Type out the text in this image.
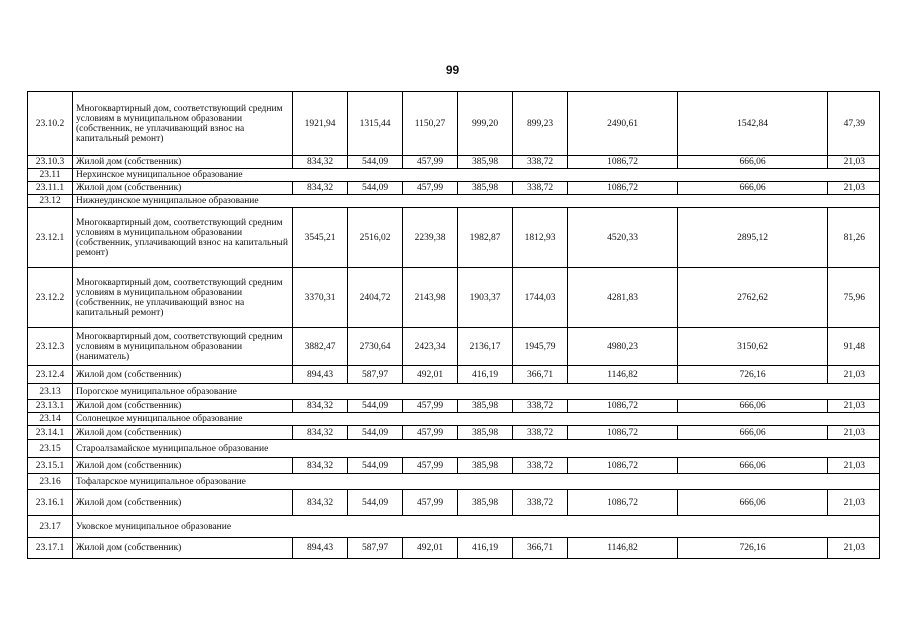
99
23.10.2	Многоквартирный дом, соответствующий средним условиям в муниципальном образовании (собственник, не уплачивающий взнос на капитальный ремонт)	1921,94	1315,44	1150,27	999,20	899,23	2490,61	1542,84	47,39
23.10.3	Жилой дом (собственник)	834,32	544,09	457,99	385,98	338,72	1086,72	666,06	21,03
23.11	Нерхинское муниципальное образование								
23.11.1	Жилой дом (собственник)	834,32	544,09	457,99	385,98	338,72	1086,72	666,06	21,03
23.12	Нижнеудинское муниципальное образование								
23.12.1	Многоквартирный дом, соответствующий средним условиям в муниципальном образовании (собственник, уплачивающий взнос на капитальный ремонт)	3545,21	2516,02	2239,38	1982,87	1812,93	4520,33	2895,12	81,26
23.12.2	Многоквартирный дом, соответствующий средним условиям в муниципальном образовании (собственник, не уплачивающий взнос на капитальный ремонт)	3370,31	2404,72	2143,98	1903,37	1744,03	4281,83	2762,62	75,96
23.12.3	Многоквартирный дом, соответствующий средним условиям в муниципальном образовании (наниматель)	3882,47	2730,64	2423,34	2136,17	1945,79	4980,23	3150,62	91,48
23.12.4	Жилой дом (собственник)	894,43	587,97	492,01	416,19	366,71	1146,82	726,16	21,03
23.13	Порогское муниципальное образование								
23.13.1	Жилой дом (собственник)	834,32	544,09	457,99	385,98	338,72	1086,72	666,06	21,03
23.14	Солонецкое муниципальное образование								
23.14.1	Жилой дом (собственник)	834,32	544,09	457,99	385,98	338,72	1086,72	666,06	21,03
23.15	Староалзамайское муниципальное образование								
23.15.1	Жилой дом (собственник)	834,32	544,09	457,99	385,98	338,72	1086,72	666,06	21,03
23.16	Тофаларское муниципальное образование								
23.16.1	Жилой дом (собственник)	834,32	544,09	457,99	385,98	338,72	1086,72	666,06	21,03
23.17	Уковское муниципальное образование								
23.17.1	Жилой дом (собственник)	894,43	587,97	492,01	416,19	366,71	1146,82	726,16	21,03
